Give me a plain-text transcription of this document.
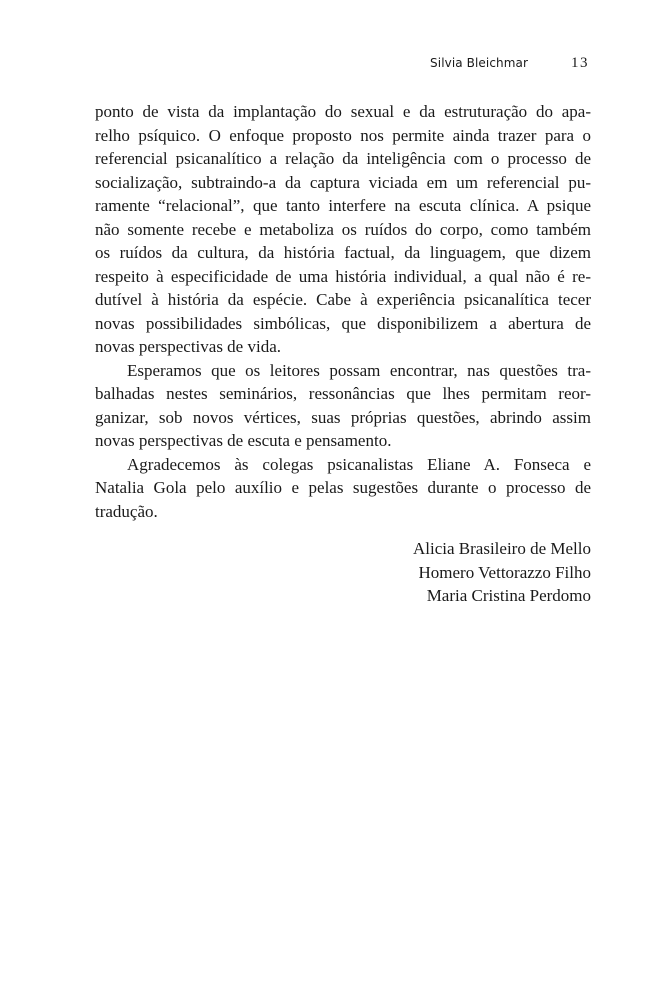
Silvia Bleichmar	13
ponto de vista da implantação do sexual e da estruturação do apa-
relho psíquico. O enfoque proposto nos permite ainda trazer para o
referencial psicanalítico a relação da inteligência com o processo de
socialização, subtraindo-a da captura viciada em um referencial pu-
ramente “relacional”, que tanto interfere na escuta clínica. A psique
não somente recebe e metaboliza os ruídos do corpo, como também
os ruídos da cultura, da história factual, da linguagem, que dizem
respeito à especificidade de uma história individual, a qual não é re-
dutível à história da espécie. Cabe à experiência psicanalítica tecer
novas possibilidades simbólicas, que disponibilizem a abertura de
novas perspectivas de vida.
Esperamos que os leitores possam encontrar, nas questões tra-
balhadas nestes seminários, ressonâncias que lhes permitam reor-
ganizar, sob novos vértices, suas próprias questões, abrindo assim
novas perspectivas de escuta e pensamento.
Agradecemos às colegas psicanalistas Eliane A. Fonseca e
Natalia Gola pelo auxílio e pelas sugestões durante o processo de
tradução.
Alicia Brasileiro de Mello
Homero Vettorazzo Filho
Maria Cristina Perdomo
